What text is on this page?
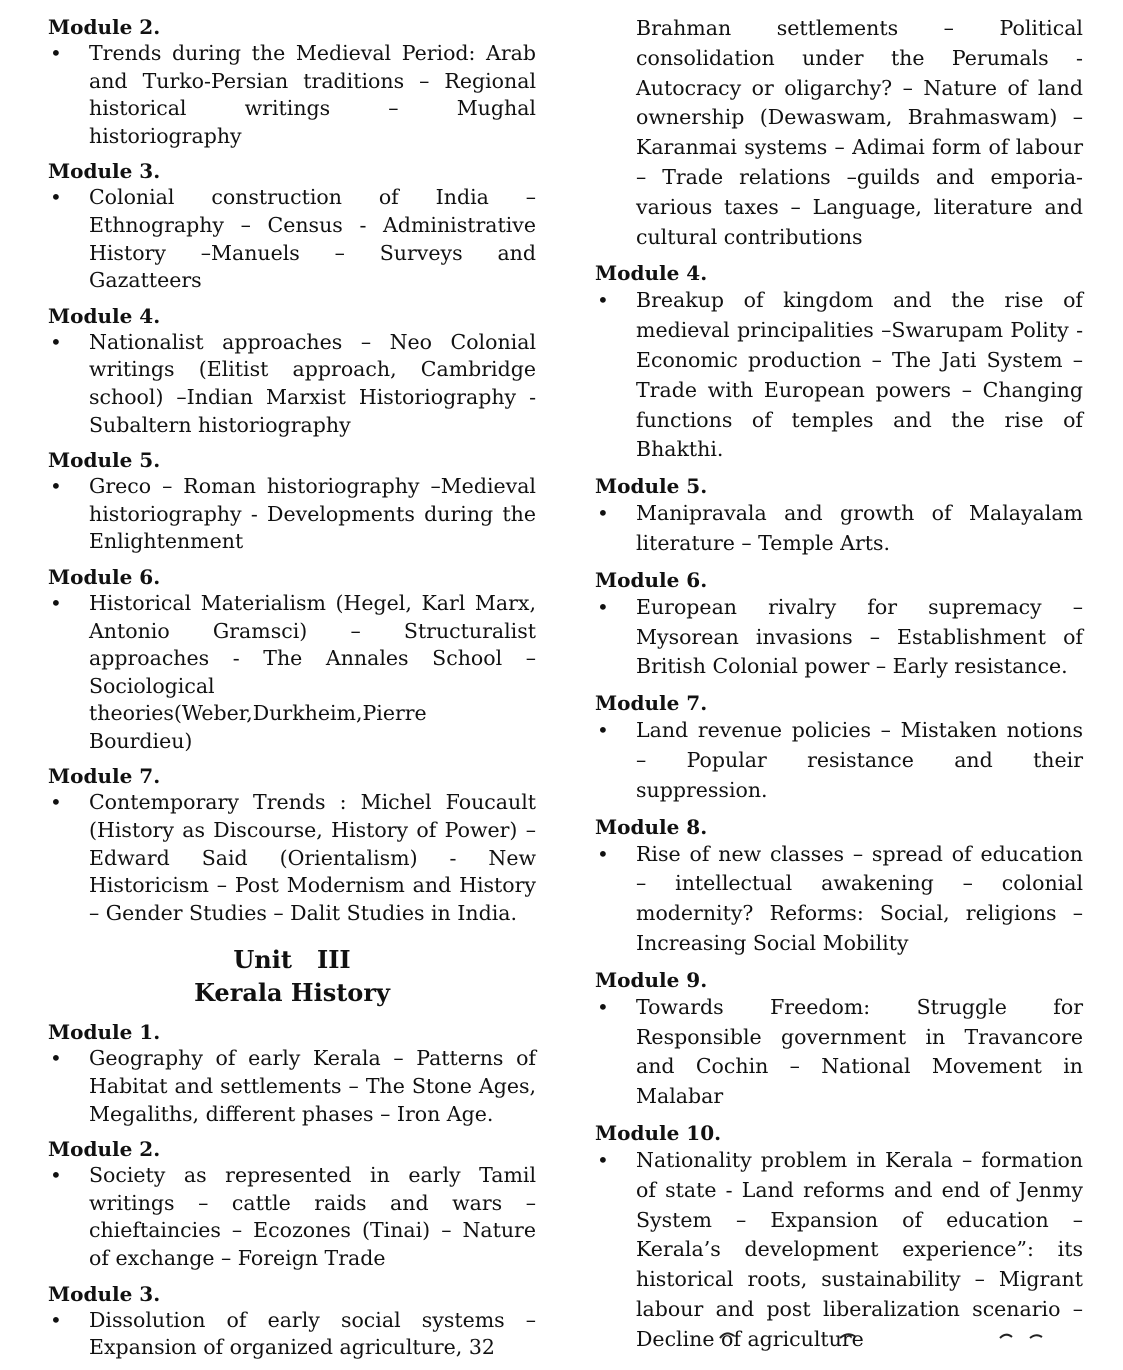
Module 2.
• Trends during the Medieval Period: Arab and Turko-Persian traditions – Regional historical writings – Mughal historiography
Module 3.
• Colonial construction of India – Ethnography – Census - Administrative History –Manuels – Surveys and Gazatteers
Module 4.
• Nationalist approaches – Neo Colonial writings (Elitist approach, Cambridge school) –Indian Marxist Historiography - Subaltern historiography
Module 5.
• Greco – Roman historiography –Medieval historiography - Developments during the Enlightenment
Module 6.
• Historical Materialism (Hegel, Karl Marx, Antonio Gramsci) – Structuralist approaches - The Annales School – Sociological theories(Weber,Durkheim,Pierre Bourdieu)
Module 7.
• Contemporary Trends : Michel Foucault (History as Discourse, History of Power) – Edward Said (Orientalism) - New Historicism – Post Modernism and History – Gender Studies – Dalit Studies in India.
Unit   III
Kerala History
Module 1.
• Geography of early Kerala – Patterns of Habitat and settlements – The Stone Ages, Megaliths, different phases – Iron Age.
Module 2.
• Society as represented in early Tamil writings – cattle raids and wars – chieftaincies – Ecozones (Tinai) – Nature of exchange – Foreign Trade
Module 3.
• Dissolution of early social systems – Expansion of organized agriculture, 32
Brahman settlements – Political consolidation under the Perumals - Autocracy or oligarchy? – Nature of land ownership (Dewaswam, Brahmaswam) – Karanmai systems – Adimai form of labour – Trade relations –guilds and emporia- various taxes – Language, literature and cultural contributions
Module 4.
• Breakup of kingdom and the rise of medieval principalities –Swarupam Polity - Economic production – The Jati System – Trade with European powers – Changing functions of temples and the rise of Bhakthi.
Module 5.
• Manipravala and growth of Malayalam literature – Temple Arts.
Module 6.
• European rivalry for supremacy – Mysorean invasions – Establishment of British Colonial power – Early resistance.
Module 7.
• Land revenue policies – Mistaken notions – Popular resistance and their suppression.
Module 8.
• Rise of new classes – spread of education – intellectual awakening – colonial modernity? Reforms: Social, religions –Increasing Social Mobility
Module 9.
• Towards Freedom: Struggle for Responsible government in Travancore and Cochin – National Movement in Malabar
Module 10.
• Nationality problem in Kerala – formation of state - Land reforms and end of Jenmy System – Expansion of education – Kerala’s development experience”: its historical roots, sustainability – Migrant labour and post liberalization scenario – Decline of agriculture
